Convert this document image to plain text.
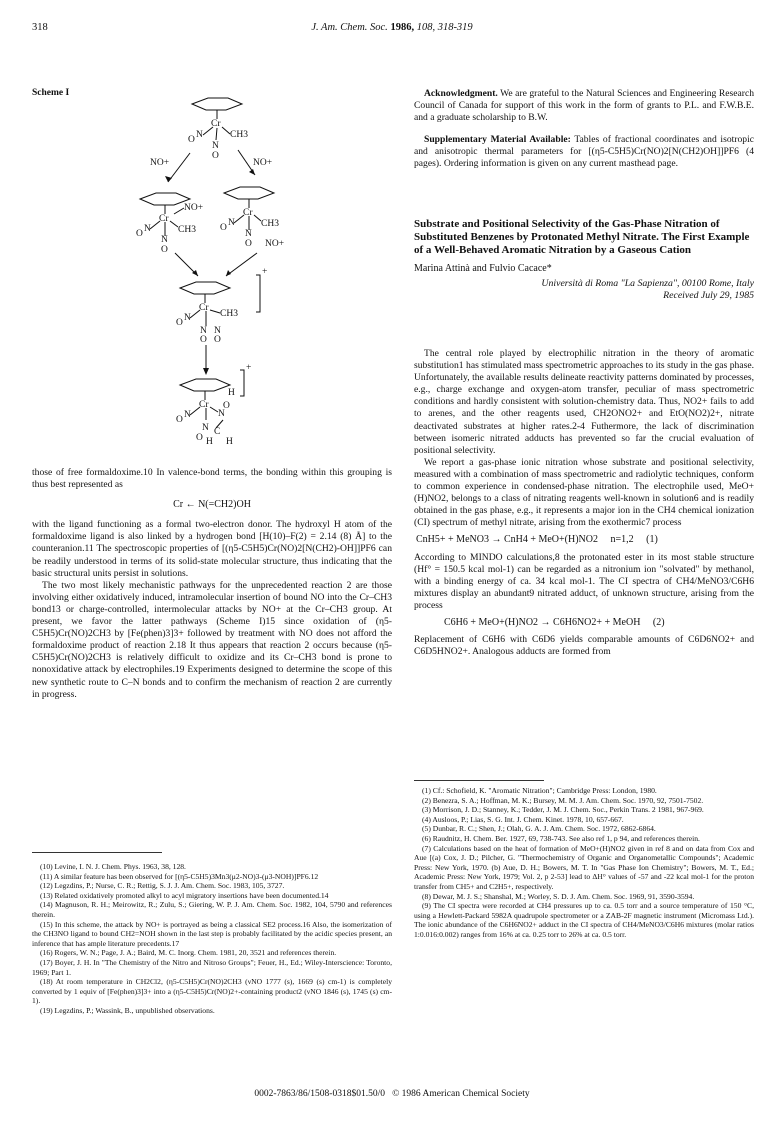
318	J. Am. Chem. Soc. 1986, 108, 318-319
Scheme I
Cr
O N
N
O
CH3
NO+	NO+
Cr
O N
N
O
CH3
NO+	Cr
O N
N
O
CH3
NO+
Cr
O N
N N
O O
CH3
+
Cr
O N
N
O
N
O
H
C
H H
+

those of free formaldoxime.10 In valence-bond terms, the bonding within this grouping is thus best represented as

Cr ← N(=CH2)OH

with the ligand functioning as a formal two-electron donor. The hydroxyl H atom of the formaldoxime ligand is also linked by a hydrogen bond [H(10)–F(2) = 2.14 (8) Å] to the counteranion.11 The spectroscopic properties of [(η5-C5H5)Cr(NO)2[N(CH2)-OH]]PF6 can be readily understood in terms of its solid-state molecular structure, thus indicating that the basic structural units persist in solutions.

The two most likely mechanistic pathways for the unprecedented reaction 2 are those involving either oxidatively induced, intramolecular insertion of bound NO into the Cr–CH3 bond13 or charge-controlled, intermolecular attacks by NO+ at the Cr–CH3 group. At present, we favor the latter pathways (Scheme I)15 since oxidation of (η5-C5H5)Cr(NO)2CH3 by [Fe(phen)3]3+ followed by treatment with NO does not afford the formaldoxime product of reaction 2.18 It thus appears that reaction 2 occurs because (η5-C5H5)Cr(NO)2CH3 is relatively difficult to oxidize and its Cr–CH3 bond is prone to nonoxidative attack by electrophiles.19 Experiments designed to determine the scope of this new synthetic route to C–N bonds and to confirm the mechanism of reaction 2 are currently in progress.

(10) Levine, I. N. J. Chem. Phys. 1963, 38, 128.
(11) A similar feature has been observed for [(η5-C5H5)3Mn3(μ2-NO)3-(μ3-NOH)]PF6.12
(12) Legzdins, P.; Nurse, C. R.; Rettig, S. J. J. Am. Chem. Soc. 1983, 105, 3727.
(13) Related oxidatively promoted alkyl to acyl migratory insertions have been documented.14
(14) Magnuson, R. H.; Meirowitz, R.; Zulu, S.; Giering, W. P. J. Am. Chem. Soc. 1982, 104, 5790 and references therein.
(15) In this scheme, the attack by NO+ is portrayed as being a classical SE2 process.16 Also, the isomerization of the CH3NO ligand to bound CH2=NOH shown in the last step is probably facilitated by the acidic species present, an inference that has ample literature precedents.17
(16) Rogers, W. N.; Page, J. A.; Baird, M. C. Inorg. Chem. 1981, 20, 3521 and references therein.
(17) Boyer, J. H. In "The Chemistry of the Nitro and Nitroso Groups"; Feuer, H., Ed.; Wiley-Interscience: Toronto, 1969; Part 1.
(18) At room temperature in CH2Cl2, (η5-C5H5)Cr(NO)2CH3 (νNO 1777 (s), 1669 (s) cm-1) is completely converted by 1 equiv of [Fe(phen)3]3+ into a (η5-C5H5)Cr(NO)2+-containing product2 (νNO 1846 (s), 1745 (s) cm-1).
(19) Legzdins, P.; Wassink, B., unpublished observations.

Acknowledgment. We are grateful to the Natural Sciences and Engineering Research Council of Canada for support of this work in the form of grants to P.L. and F.W.B.E. and a graduate scholarship to B.W.

Supplementary Material Available: Tables of fractional coordinates and isotropic and anisotropic thermal parameters for [(η5-C5H5)Cr(NO)2[N(CH2)OH]]PF6 (4 pages). Ordering information is given on any current masthead page.

Substrate and Positional Selectivity of the Gas-Phase Nitration of Substituted Benzenes by Protonated Methyl Nitrate. The First Example of a Well-Behaved Aromatic Nitration by a Gaseous Cation
Marina Attinà and Fulvio Cacace*
Università di Roma "La Sapienza", 00100 Rome, Italy
Received July 29, 1985

The central role played by electrophilic nitration in the theory of aromatic substitution1 has stimulated mass spectrometric approaches to its study in the gas phase. Unfortunately, the available results delineate reactivity patterns dominated by processes, e.g., charge exchange and oxygen-atom transfer, peculiar of mass spectrometric conditions and hardly consistent with solution-chemistry data. Thus, NO2+ fails to add to arenes, and the other reagents used, CH2ONO2+ and EtO(NO2)2+, nitrate deactivated substrates at higher rates.2-4 Futhermore, the lack of discrimination between isomeric nitrated adducts has prevented so far the crucial evaluation of positional selectivity.

We report a gas-phase ionic nitration whose substrate and positional selectivity, measured with a combination of mass spectrometric and radiolytic techniques, conform to common experience in condensed-phase nitration. The electrophile used, MeO+(H)NO2, belongs to a class of nitrating reagents well-known in solution6 and is readily obtained in the gas phase, e.g., it represents a major ion in the CH4 chemical ionization (CI) spectrum of methyl nitrate, arising from the exothermic7 process

CnH5+ + MeNO3 → CnH4 + MeO+(H)NO2     n=1,2     (1)

According to MINDO calculations,8 the protonated ester in its most stable structure (Hf° = 150.5 kcal mol-1) can be regarded as a nitronium ion "solvated" by methanol, with a binding energy of ca. 34 kcal mol-1. The CI spectra of CH4/MeNO3/C6H6 mixtures display an abundant9 nitrated adduct, of unknown structure, arising from the process

C6H6 + MeO+(H)NO2 → C6H6NO2+ + MeOH     (2)

Replacement of C6H6 with C6D6 yields comparable amounts of C6D6NO2+ and C6D5HNO2+. Analogous adducts are formed from

(1) Cf.: Schofield, K. "Aromatic Nitration"; Cambridge Press: London, 1980.
(2) Benezra, S. A.; Hoffman, M. K.; Bursey, M. M. J. Am. Chem. Soc. 1970, 92, 7501-7502.
(3) Morrison, J. D.; Stanney, K.; Tedder, J. M. J. Chem. Soc., Perkin Trans. 2 1981, 967-969.
(4) Ausloos, P.; Lias, S. G. Int. J. Chem. Kinet. 1978, 10, 657-667.
(5) Dunbar, R. C.; Shen, J.; Olah, G. A. J. Am. Chem. Soc. 1972, 6862-6864.
(6) Raudnitz, H. Chem. Ber. 1927, 69, 738-743. See also ref 1, p 94, and references therein.
(7) Calculations based on the heat of formation of MeO+(H)NO2 given in ref 8 and on data from Cox and Aue [(a) Cox, J. D.; Pilcher, G. "Thermochemistry of Organic and Organometallic Compounds"; Academic Press: New York, 1970. (b) Aue, D. H.; Bowers, M. T. In "Gas Phase Ion Chemistry"; Bowers, M. T., Ed.; Academic Press: New York, 1979; Vol. 2, p 2-53] lead to ΔH° values of -57 and -22 kcal mol-1 for the proton transfer from CH5+ and C2H5+, respectively.
(8) Dewar, M. J. S.; Shanshal, M.; Worley, S. D. J. Am. Chem. Soc. 1969, 91, 3590-3594.
(9) The CI spectra were recorded at CH4 pressures up to ca. 0.5 torr and a source temperature of 150 °C, using a Hewlett-Packard 5982A quadrupole spectrometer or a ZAB-2F magnetic instrument (Micromass Ltd.). The ionic abundance of the C6H6NO2+ adduct in the CI spectra of CH4/MeNO3/C6H6 mixtures (molar ratios 1:0.016:0.002) ranges from 16% at ca. 0.25 torr to 26% at ca. 0.5 torr.
0002-7863/86/1508-0318$01.50/0 © 1986 American Chemical Society
